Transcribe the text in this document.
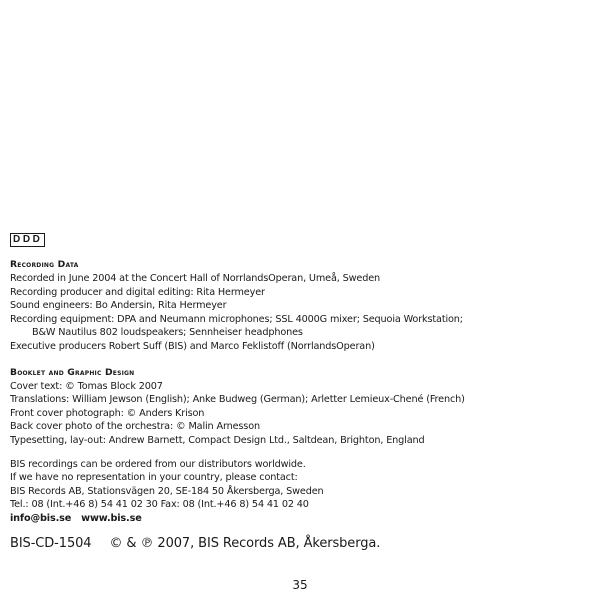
DDD
Recording Data
Recorded in June 2004 at the Concert Hall of NorrlandsOperan, Umeå, Sweden
Recording producer and digital editing: Rita Hermeyer
Sound engineers: Bo Andersin, Rita Hermeyer
Recording equipment: DPA and Neumann microphones; SSL 4000G mixer; Sequoia Workstation;
B&W Nautilus 802 loudspeakers; Sennheiser headphones
Executive producers Robert Suff (BIS) and Marco Feklistoff (NorrlandsOperan)
Booklet and Graphic Design
Cover text: © Tomas Block 2007
Translations: William Jewson (English); Anke Budweg (German); Arletter Lemieux-Chené (French)
Front cover photograph: © Anders Krison
Back cover photo of the orchestra: © Malin Arnesson
Typesetting, lay-out: Andrew Barnett, Compact Design Ltd., Saltdean, Brighton, England
BIS recordings can be ordered from our distributors worldwide.
If we have no representation in your country, please contact:
BIS Records AB, Stationsvägen 20, SE-184 50 Åkersberga, Sweden
Tel.: 08 (Int.+46 8) 54 41 02 30 Fax: 08 (Int.+46 8) 54 41 02 40
info@bis.se www.bis.se
BIS-CD-1504 © & ℗ 2007, BIS Records AB, Åkersberga.
35
